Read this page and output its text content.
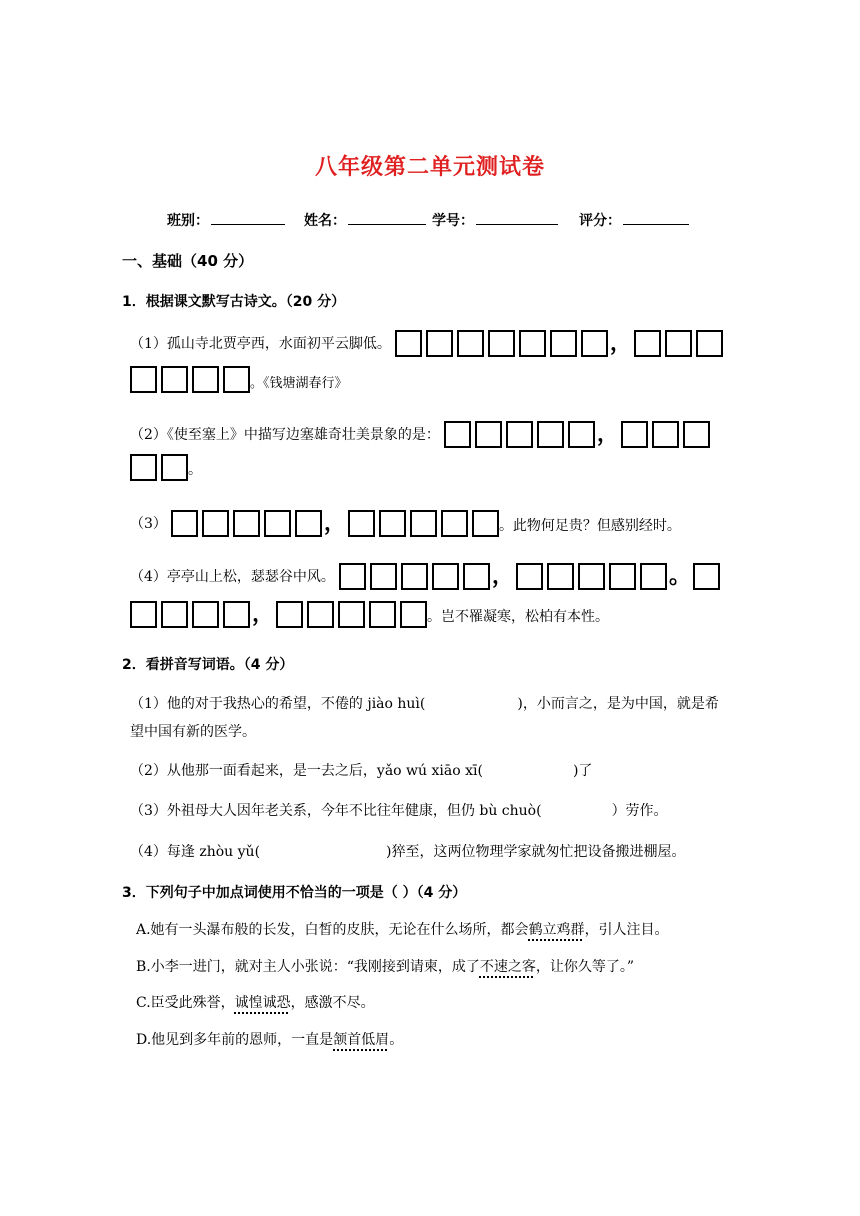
八年级第二单元测试卷
班别：	姓名：	学号：	评分：
一、基础（40 分）
1．根据课文默写古诗文。（20 分）
（1）孤山寺北贾亭西，水面初平云脚低。	，
。《钱塘湖春行》
（2）《使至塞上》中描写边塞雄奇壮美景象的是：	，
。
（3）	，	。此物何足贵？但感别经时。
（4）亭亭山上松，瑟瑟谷中风。	，	。
，	。岂不罹凝寒，松柏有本性。
2．看拼音写词语。（4 分）
（1）他的对于我热心的希望，不倦的 jiào huì(	)，小而言之，是为中国，就是希
望中国有新的医学。
（2）从他那一面看起来，是一去之后，yǎo wú xiāo xī(	)了
（3）外祖母大人因年老关系，今年不比往年健康，但仍 bù chuò(	）劳作。
（4）每逢 zhòu yǔ(	)猝至，这两位物理学家就匆忙把设备搬进棚屋。
3．下列句子中加点词使用不恰当的一项是（ ）（4 分）
A.她有一头瀑布般的长发，白皙的皮肤，无论在什么场所，都会鹤立鸡群，引人注目。
B.小李一进门，就对主人小张说：“我刚接到请柬，成了不速之客，让你久等了。”
C.臣受此殊誉，诚惶诚恐，感激不尽。
D.他见到多年前的恩师，一直是颔首低眉。
